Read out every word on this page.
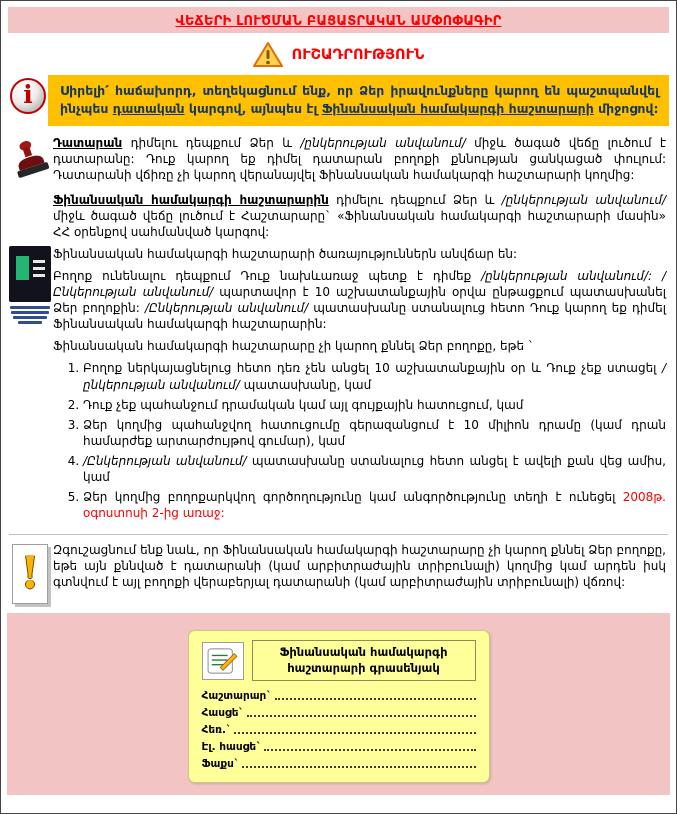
ՎԵՃԵՐԻ ԼՈՒԾՄԱՆ ԲԱՑԱՏՐԱԿԱՆ ԱՄՓՈՓԱԳԻՐ
ՈՒՇԱԴՐՈՒԹՅՈՒՆ
i	Սիրելի՛ հաճախորդ, տեղեկացնում ենք, որ Ձեր իրավունքները կարող են պաշտպանվել ինչպես դատական կարգով, այնպես էլ Ֆինանսական համակարգի հաշտարարի միջոցով:

Դատարան դիմելու դեպքում Ձեր և /ընկերության անվանում/ միջև ծագած վեճը լուծում է դատարանը: Դուք կարող եք դիմել դատարան բողոքի քննության ցանկացած փուլում: Դատարանի վճիռը չի կարող վերանայվել Ֆինանսական համակարգի հաշտարարի կողմից:

Ֆինանսական համակարգի հաշտարարին դիմելու դեպքում Ձեր և /ընկերության անվանում/ միջև ծագած վեճը լուծում է Հաշտարարը` «Ֆինանսական համակարգի հաշտարարի մասին» ՀՀ օրենքով սահմանված կարգով:

Ֆինանսական համակարգի հաշտարարի ծառայություններն անվճար են:

Բողոք ունենալու դեպքում Դուք նախևառաջ պետք է դիմեք /ընկերության անվանում/: /Ընկերության անվանում/ պարտավոր է 10 աշխատանքային օրվա ընթացքում պատասխանել Ձեր բողոքին: /Ընկերության անվանում/ պատասխանը ստանալուց հետո Դուք կարող եք դիմել Ֆինանսական համակարգի հաշտարարին:

Ֆինանսական համակարգի հաշտարարը չի կարող քննել Ձեր բողոքը, եթե `

1. Բողոք ներկայացնելուց հետո դեռ չեն անցել 10 աշխատանքային օր և Դուք չեք ստացել /ընկերության անվանում/ պատասխանը, կամ
2. Դուք չեք պահանջում դրամական կամ այլ գույքային հատուցում, կամ
3. Ձեր կողմից պահանջվող հատուցումը գերազանցում է 10 միլիոն դրամը (կամ դրան համարժեք արտարժույթով գումար), կամ
4. /Ընկերության անվանում/ պատասխանը ստանալուց հետո անցել է ավելի քան վեց ամիս, կամ
5. Ձեր կողմից բողոքարկվող գործողությունը կամ անգործությունը տեղի է ունեցել 2008թ. օգոստոսի 2-ից առաջ:
! Զգուշացնում ենք նաև, որ Ֆինանսական համակարգի հաշտարարը չի կարող քննել Ձեր բողոքը, եթե այն քննված է դատարանի (կամ արբիտրաժային տրիբունալի) կողմից կամ արդեն իսկ գտնվում է այլ բողոքի վերաբերյալ դատարանի (կամ արբիտրաժային տրիբունալի) վճռով:

Ֆինանսական համակարգի հաշտարարի գրասենյակ
Հաշտարար`
Հասցե`
Հեռ.`
Էլ. հասցե`
Ֆաքս`
